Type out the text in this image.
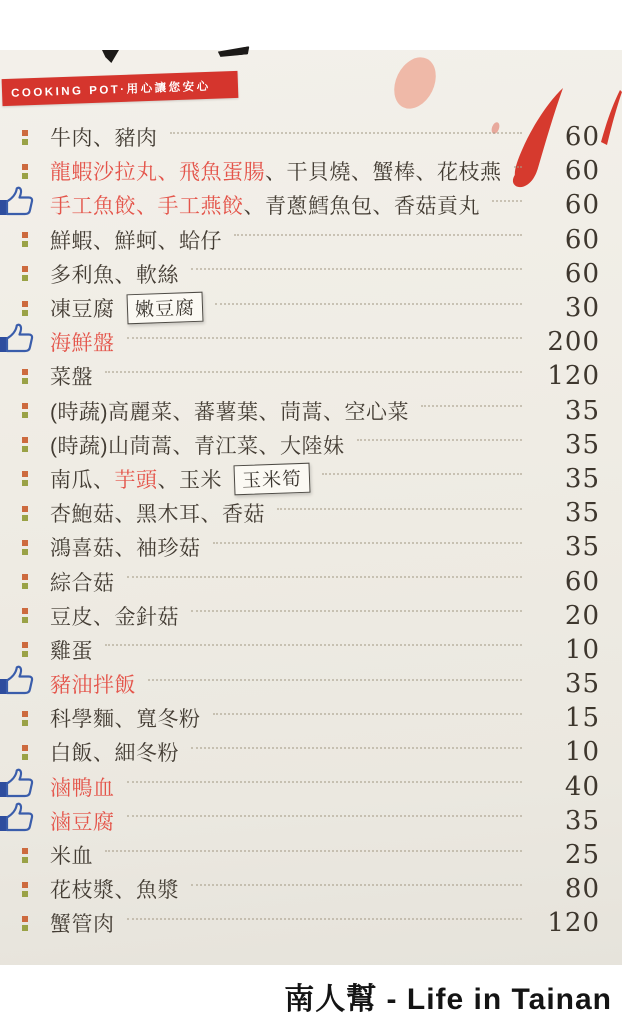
COOKING POT·用心讓您安心
牛肉、豬肉	60
龍蝦沙拉丸、飛魚蛋腸、干貝燒、蟹棒、花枝燕	60
手工魚餃、手工燕餃、青蔥鱈魚包、香菇貢丸	60
鮮蝦、鮮蚵、蛤仔	60
多利魚、軟絲	60
凍豆腐	嫩豆腐	30
海鮮盤	200
菜盤	120
(時蔬)高麗菜、蕃薯葉、茼蒿、空心菜	35
(時蔬)山茼蒿、青江菜、大陸妹	35
南瓜、芋頭、玉米	玉米筍	35
杏鮑菇、黑木耳、香菇	35
鴻喜菇、袖珍菇	35
綜合菇	60
豆皮、金針菇	20
雞蛋	10
豬油拌飯	35
科學麵、寬冬粉	15
白飯、細冬粉	10
滷鴨血	40
滷豆腐	35
米血	25
花枝漿、魚漿	80
蟹管肉	120
南人幫 - Life in Tainan
